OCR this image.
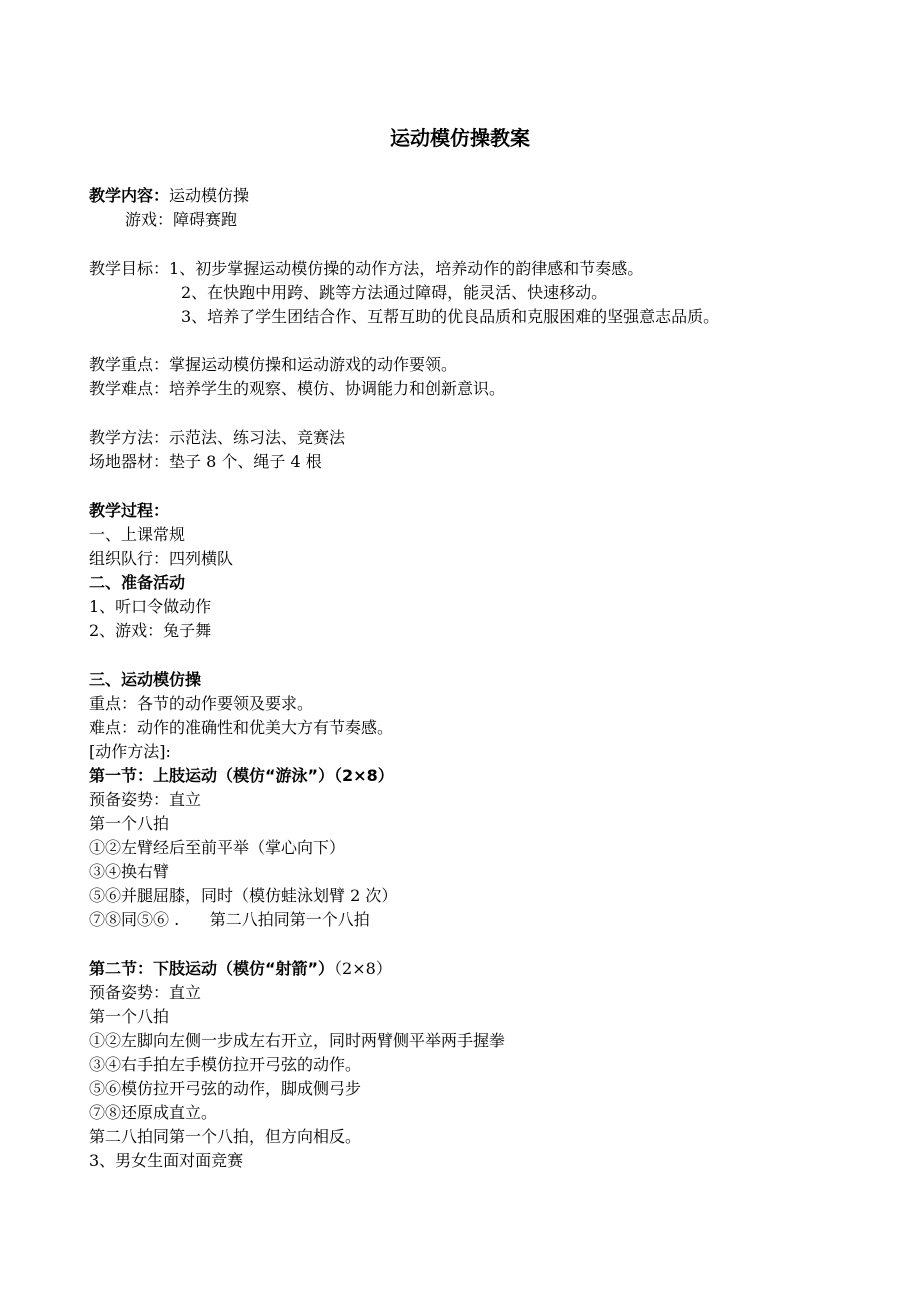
运动模仿操教案
教学内容：运动模仿操
游戏：障碍赛跑
教学目标：1、初步掌握运动模仿操的动作方法，培养动作的韵律感和节奏感。
2、在快跑中用跨、跳等方法通过障碍，能灵活、快速移动。
3、培养了学生团结合作、互帮互助的优良品质和克服困难的坚强意志品质。
教学重点：掌握运动模仿操和运动游戏的动作要领。
教学难点：培养学生的观察、模仿、协调能力和创新意识。
教学方法：示范法、练习法、竞赛法
场地器材：垫子 8 个、绳子 4 根
教学过程：
一、上课常规
组织队行：四列横队
二、准备活动
1、听口令做动作
2、游戏：兔子舞
三、运动模仿操
重点：各节的动作要领及要求。
难点：动作的准确性和优美大方有节奏感。
[动作方法]:
第一节：上肢运动（模仿“游泳”）（2×8）
预备姿势：直立
第一个八拍
①②左臂经后至前平举（掌心向下）
③④换右臂
⑤⑥并腿屈膝，同时（模仿蛙泳划臂 2 次）
⑦⑧同⑤⑥ .      第二八拍同第一个八拍
第二节：下肢运动（模仿“射箭”）（2×8）
预备姿势：直立
第一个八拍
①②左脚向左侧一步成左右开立，同时两臂侧平举两手握拳
③④右手拍左手模仿拉开弓弦的动作。
⑤⑥模仿拉开弓弦的动作，脚成侧弓步
⑦⑧还原成直立。
第二八拍同第一个八拍，但方向相反。
3、男女生面对面竞赛
